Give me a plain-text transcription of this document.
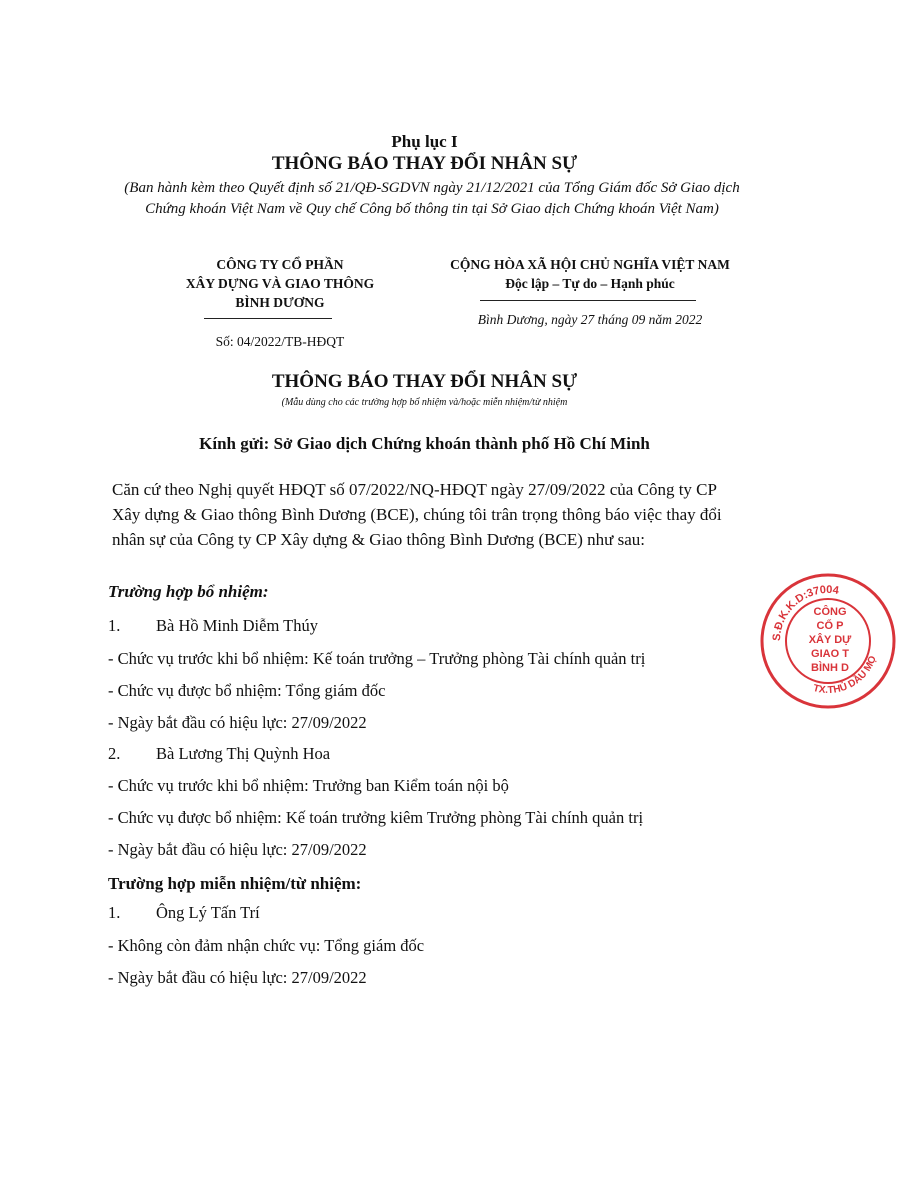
Phụ lục I
THÔNG BÁO THAY ĐỔI NHÂN SỰ
(Ban hành kèm theo Quyết định số 21/QĐ-SGDVN ngày 21/12/2021 của Tổng Giám đốc Sở Giao dịch Chứng khoán Việt Nam về Quy chế Công bố thông tin tại Sở Giao dịch Chứng khoán Việt Nam)
CÔNG TY CỔ PHẦN
XÂY DỰNG VÀ GIAO THÔNG
BÌNH DƯƠNG
Số: 04/2022/TB-HĐQT
CỘNG HÒA XÃ HỘI CHỦ NGHĨA VIỆT NAM
Độc lập – Tự do – Hạnh phúc
Bình Dương, ngày 27 tháng 09 năm 2022
THÔNG BÁO THAY ĐỔI NHÂN SỰ
(Mẫu dùng cho các trường hợp bổ nhiệm và/hoặc miễn nhiệm/từ nhiệm
Kính gửi: Sở Giao dịch Chứng khoán thành phố Hồ Chí Minh
Căn cứ theo Nghị quyết HĐQT số 07/2022/NQ-HĐQT ngày 27/09/2022 của Công ty CP Xây dựng & Giao thông Bình Dương (BCE), chúng tôi trân trọng thông báo việc thay đổi nhân sự của Công ty CP Xây dựng & Giao thông Bình Dương (BCE) như sau:
Trường hợp bổ nhiệm:
1. Bà Hồ Minh Diễm Thúy
- Chức vụ trước khi bổ nhiệm: Kế toán trưởng – Trưởng phòng Tài chính quản trị
- Chức vụ được bổ nhiệm: Tổng giám đốc
- Ngày bắt đầu có hiệu lực: 27/09/2022
2. Bà Lương Thị Quỳnh Hoa
- Chức vụ trước khi bổ nhiệm: Trưởng ban Kiểm toán nội bộ
- Chức vụ được bổ nhiệm: Kế toán trưởng kiêm Trưởng phòng Tài chính quản trị
- Ngày bắt đầu có hiệu lực: 27/09/2022
Trường hợp miễn nhiệm/từ nhiệm:
1. Ông Lý Tấn Trí
- Không còn đảm nhận chức vụ: Tổng giám đốc
- Ngày bắt đầu có hiệu lực: 27/09/2022
S.Đ.K.K.D:37004
TX.THỦ DẦU MỘ
CÔNG
CỔ P
XÂY DỰ
GIAO T
BÌNH D
